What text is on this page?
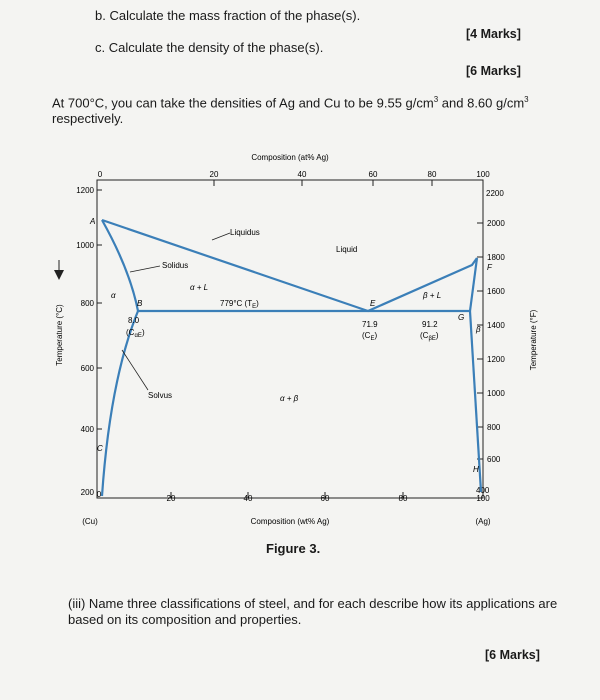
b. Calculate the mass fraction of the phase(s).
[4 Marks]
c. Calculate the density of the phase(s).
[6 Marks]
At 700°C, you can take the densities of Ag and Cu to be 9.55 $g/cm^3$ and 8.60 $g/cm^3$
respectively.
Composition (at% Ag)
0	20	40	60	80	100
0	20	40	60	80	100
Composition (wt% Ag)
(Cu)	(Ag)
1200
1000
800
600
400
200
Temperature (°C)
2200
2000
1800
1600
1400
1200
1000
800
600
400
Temperature (°F)
Liquid
α
β
α + L
β + L
α + β
Liquidus
Solidus
Solvus
779°C $(T_E)$
A
B
C
E
F
G
H
8.0
$(C_{\alpha E})$
71.9
$(C_E)$
91.2
$(C_{\beta E})$
Figure 3.
(iii) Name three classifications of steel, and for each describe how its applications are based on its composition and properties.
[6 Marks]
